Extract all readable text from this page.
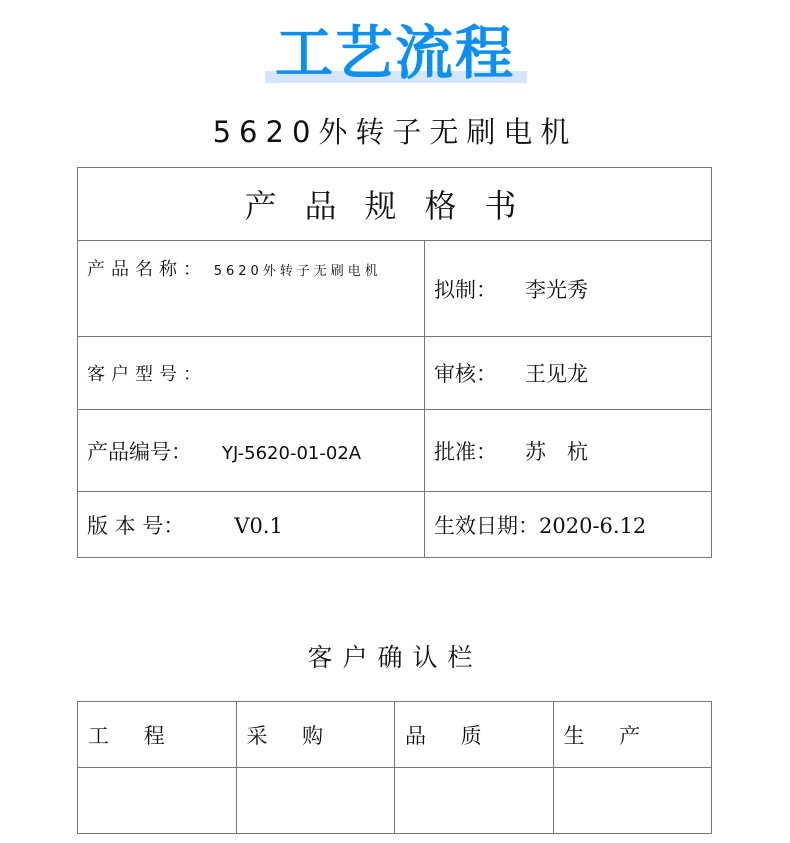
工艺流程
5620外转子无刷电机
产品规格书	
产品名称： 5620外转子无刷电机	拟制： 李光秀
客户型号：	审核： 王见龙
产品编号： YJ-5620-01-02A	批准： 苏　杭
版 本 号： V0.1	生效日期：2020-6.12
客户确认栏
工 程	采 购	品 质	生 产
